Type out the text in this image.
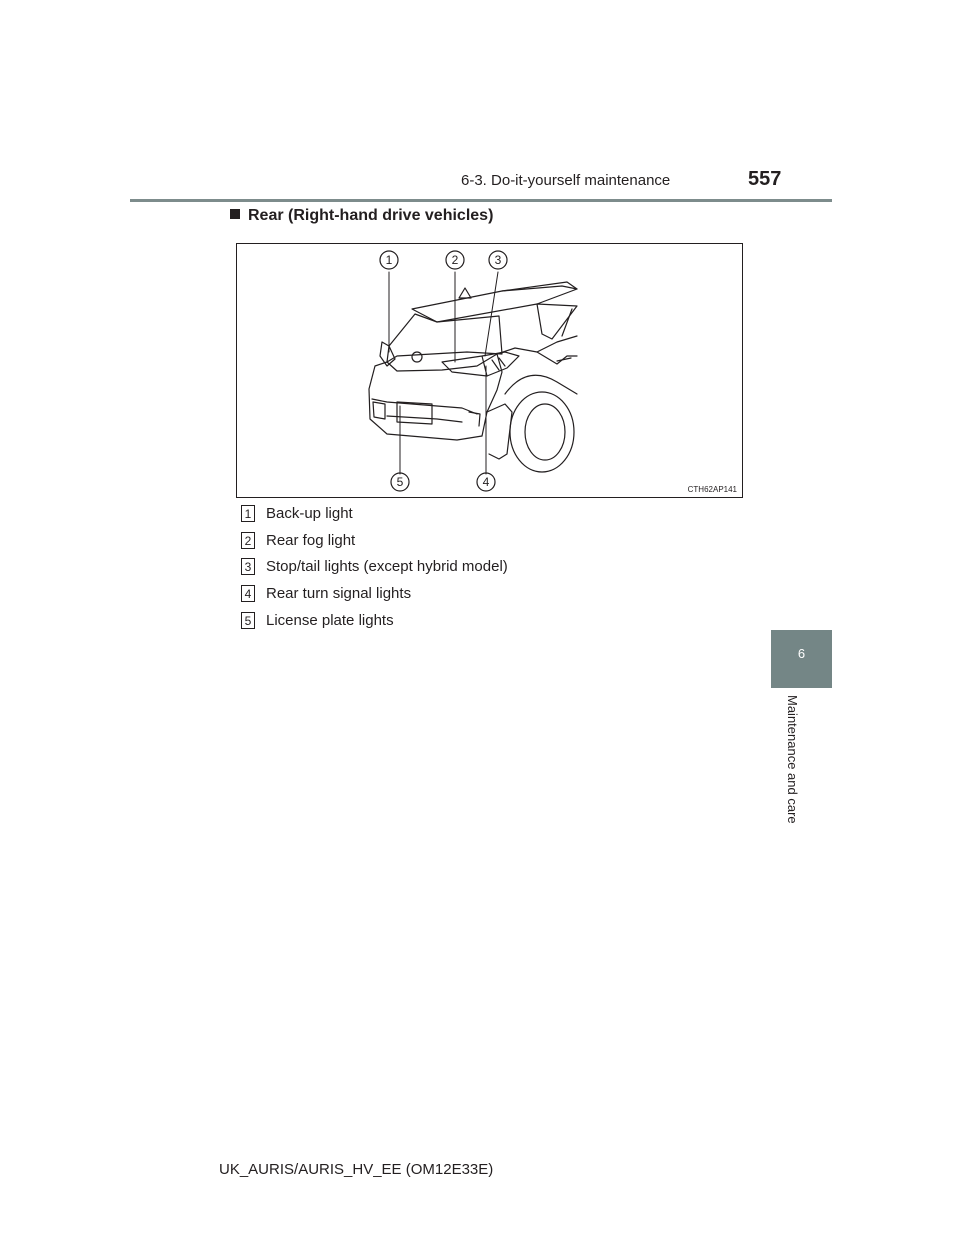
6-3. Do-it-yourself maintenance	557
6
Maintenance and care
Rear (Right-hand drive vehicles)
1	2	3
4
5
CTH62AP141
1 Back-up light
2 Rear fog light
3 Stop/tail lights (except hybrid model)
4 Rear turn signal lights
5 License plate lights
UK_AURIS/AURIS_HV_EE (OM12E33E)
